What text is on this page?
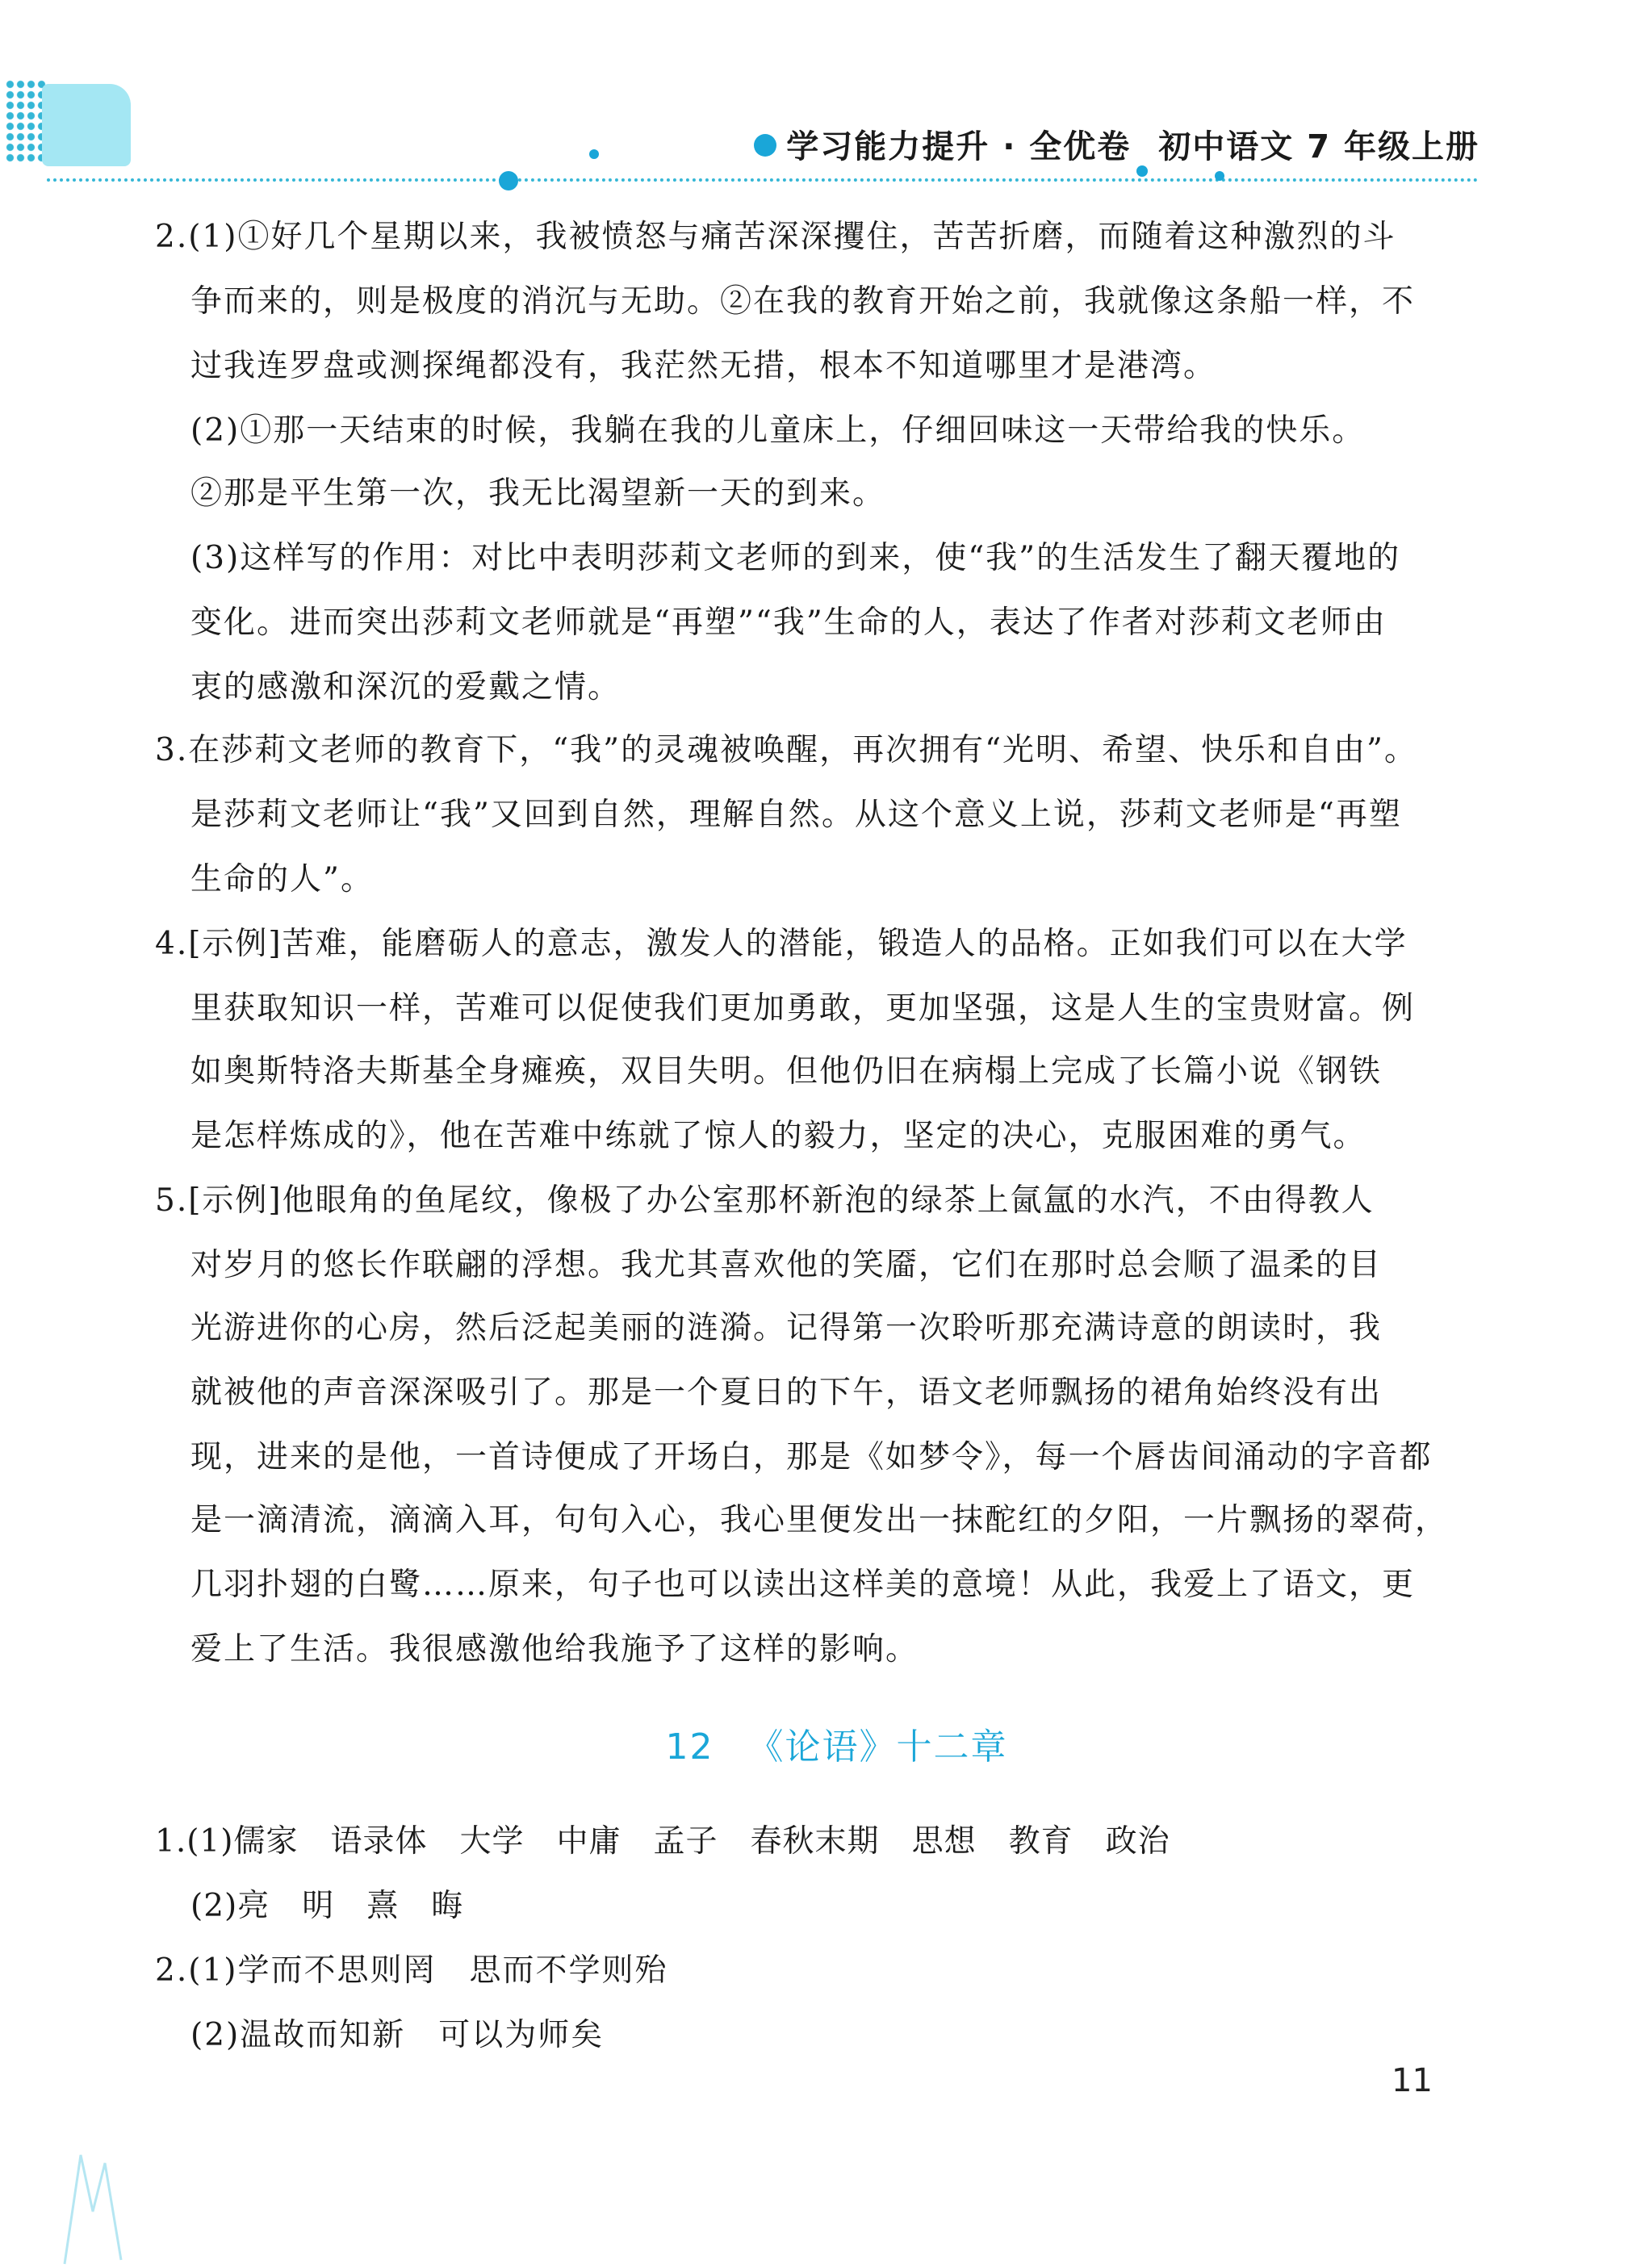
学习能力提升 · 全优卷 初中语文 7 年级上册
2.(1)①好几个星期以来，我被愤怒与痛苦深深攫住，苦苦折磨，而随着这种激烈的斗
争而来的，则是极度的消沉与无助。②在我的教育开始之前，我就像这条船一样，不
过我连罗盘或测探绳都没有，我茫然无措，根本不知道哪里才是港湾。
(2)①那一天结束的时候，我躺在我的儿童床上，仔细回味这一天带给我的快乐。
②那是平生第一次，我无比渴望新一天的到来。
(3)这样写的作用：对比中表明莎莉文老师的到来，使“我”的生活发生了翻天覆地的
变化。进而突出莎莉文老师就是“再塑”“我”生命的人，表达了作者对莎莉文老师由
衷的感激和深沉的爱戴之情。
3.在莎莉文老师的教育下，“我”的灵魂被唤醒，再次拥有“光明、希望、快乐和自由”。
是莎莉文老师让“我”又回到自然，理解自然。从这个意义上说，莎莉文老师是“再塑
生命的人”。
4.[示例]苦难，能磨砺人的意志，激发人的潜能，锻造人的品格。正如我们可以在大学
里获取知识一样，苦难可以促使我们更加勇敢，更加坚强，这是人生的宝贵财富。例
如奥斯特洛夫斯基全身瘫痪，双目失明。但他仍旧在病榻上完成了长篇小说《钢铁
是怎样炼成的》，他在苦难中练就了惊人的毅力，坚定的决心，克服困难的勇气。
5.[示例]他眼角的鱼尾纹，像极了办公室那杯新泡的绿茶上氤氲的水汽，不由得教人
对岁月的悠长作联翩的浮想。我尤其喜欢他的笑靥，它们在那时总会顺了温柔的目
光游进你的心房，然后泛起美丽的涟漪。记得第一次聆听那充满诗意的朗读时，我
就被他的声音深深吸引了。那是一个夏日的下午，语文老师飘扬的裙角始终没有出
现，进来的是他，一首诗便成了开场白，那是《如梦令》，每一个唇齿间涌动的字音都
是一滴清流，滴滴入耳，句句入心，我心里便发出一抹酡红的夕阳，一片飘扬的翠荷，
几羽扑翅的白鹭……原来，句子也可以读出这样美的意境！从此，我爱上了语文，更
爱上了生活。我很感激他给我施予了这样的影响。
12 《论语》十二章
1.(1)儒家 语录体 大学 中庸 孟子 春秋末期 思想 教育 政治
(2)亮 明 熹 晦
2.(1)学而不思则罔　思而不学则殆
(2)温故而知新　可以为师矣
11
